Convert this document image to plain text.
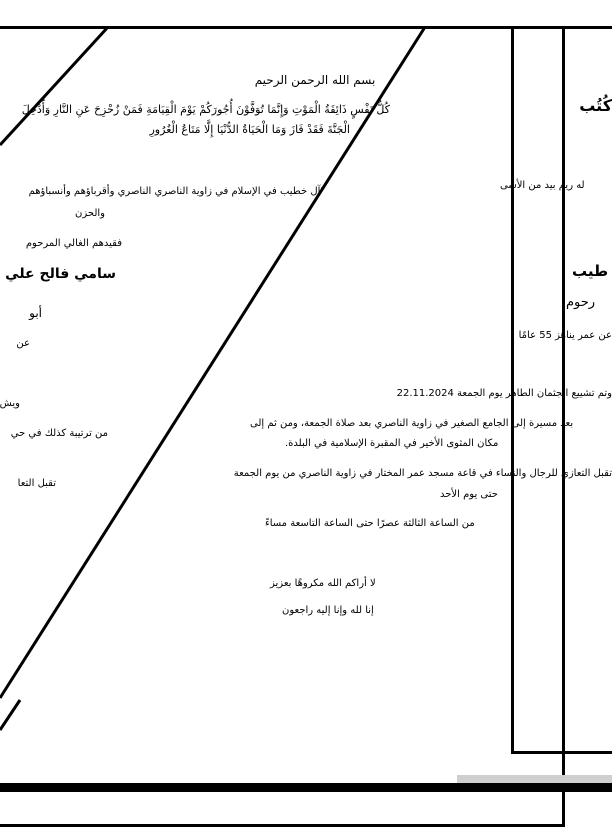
بسم الله الرحمن الرحيم
كُلُّ نَفْسٍ ذَائِقَةُ الْمَوْتِ وَإِنَّمَا تُوَفَّوْنَ أُجُورَكُمْ يَوْمَ الْقِيَامَةِ فَمَنْ زُحْزِحَ عَنِ النَّارِ وَأُدْخِلَ
الْجَنَّةَ فَقَدْ فَازَ وَمَا الْحَيَاةُ الدُّنْيَا إِلَّا مَتَاعُ الْغُرُورِ
"آل خطيب في الإسلام في زاوية الناصري الناصري وأقرباؤهم وأنسباؤهم
والحزن
فقيدهم الغالي المرحوم
سامي فالح علي
أبو
عن
ويش
من ترتيبة كذلك في حي
تقبل التعا
كُتُب
له ريم بيد من الأسى
طيب
رحوم
عن عمر يناهز 55 عامًا
وتم تشييع الجثمان الطاهر يوم الجمعة 22.11.2024
بعد مسيرة إلى الجامع الصغير في زاوية الناصري بعد صلاة الجمعة، ومن ثم إلى
مكان المثوى الأخير في المقبرة الإسلامية في البلدة.
تقبل التعازي للرجال والنساء في قاعة مسجد عمر المختار في زاوية الناصري من يوم الجمعة
حتى يوم الأحد
من الساعة الثالثة عصرًا حتى الساعة التاسعة مساءً
لا أراكم الله مكروهًا بعزيز
إنا لله وإنا إليه راجعون
